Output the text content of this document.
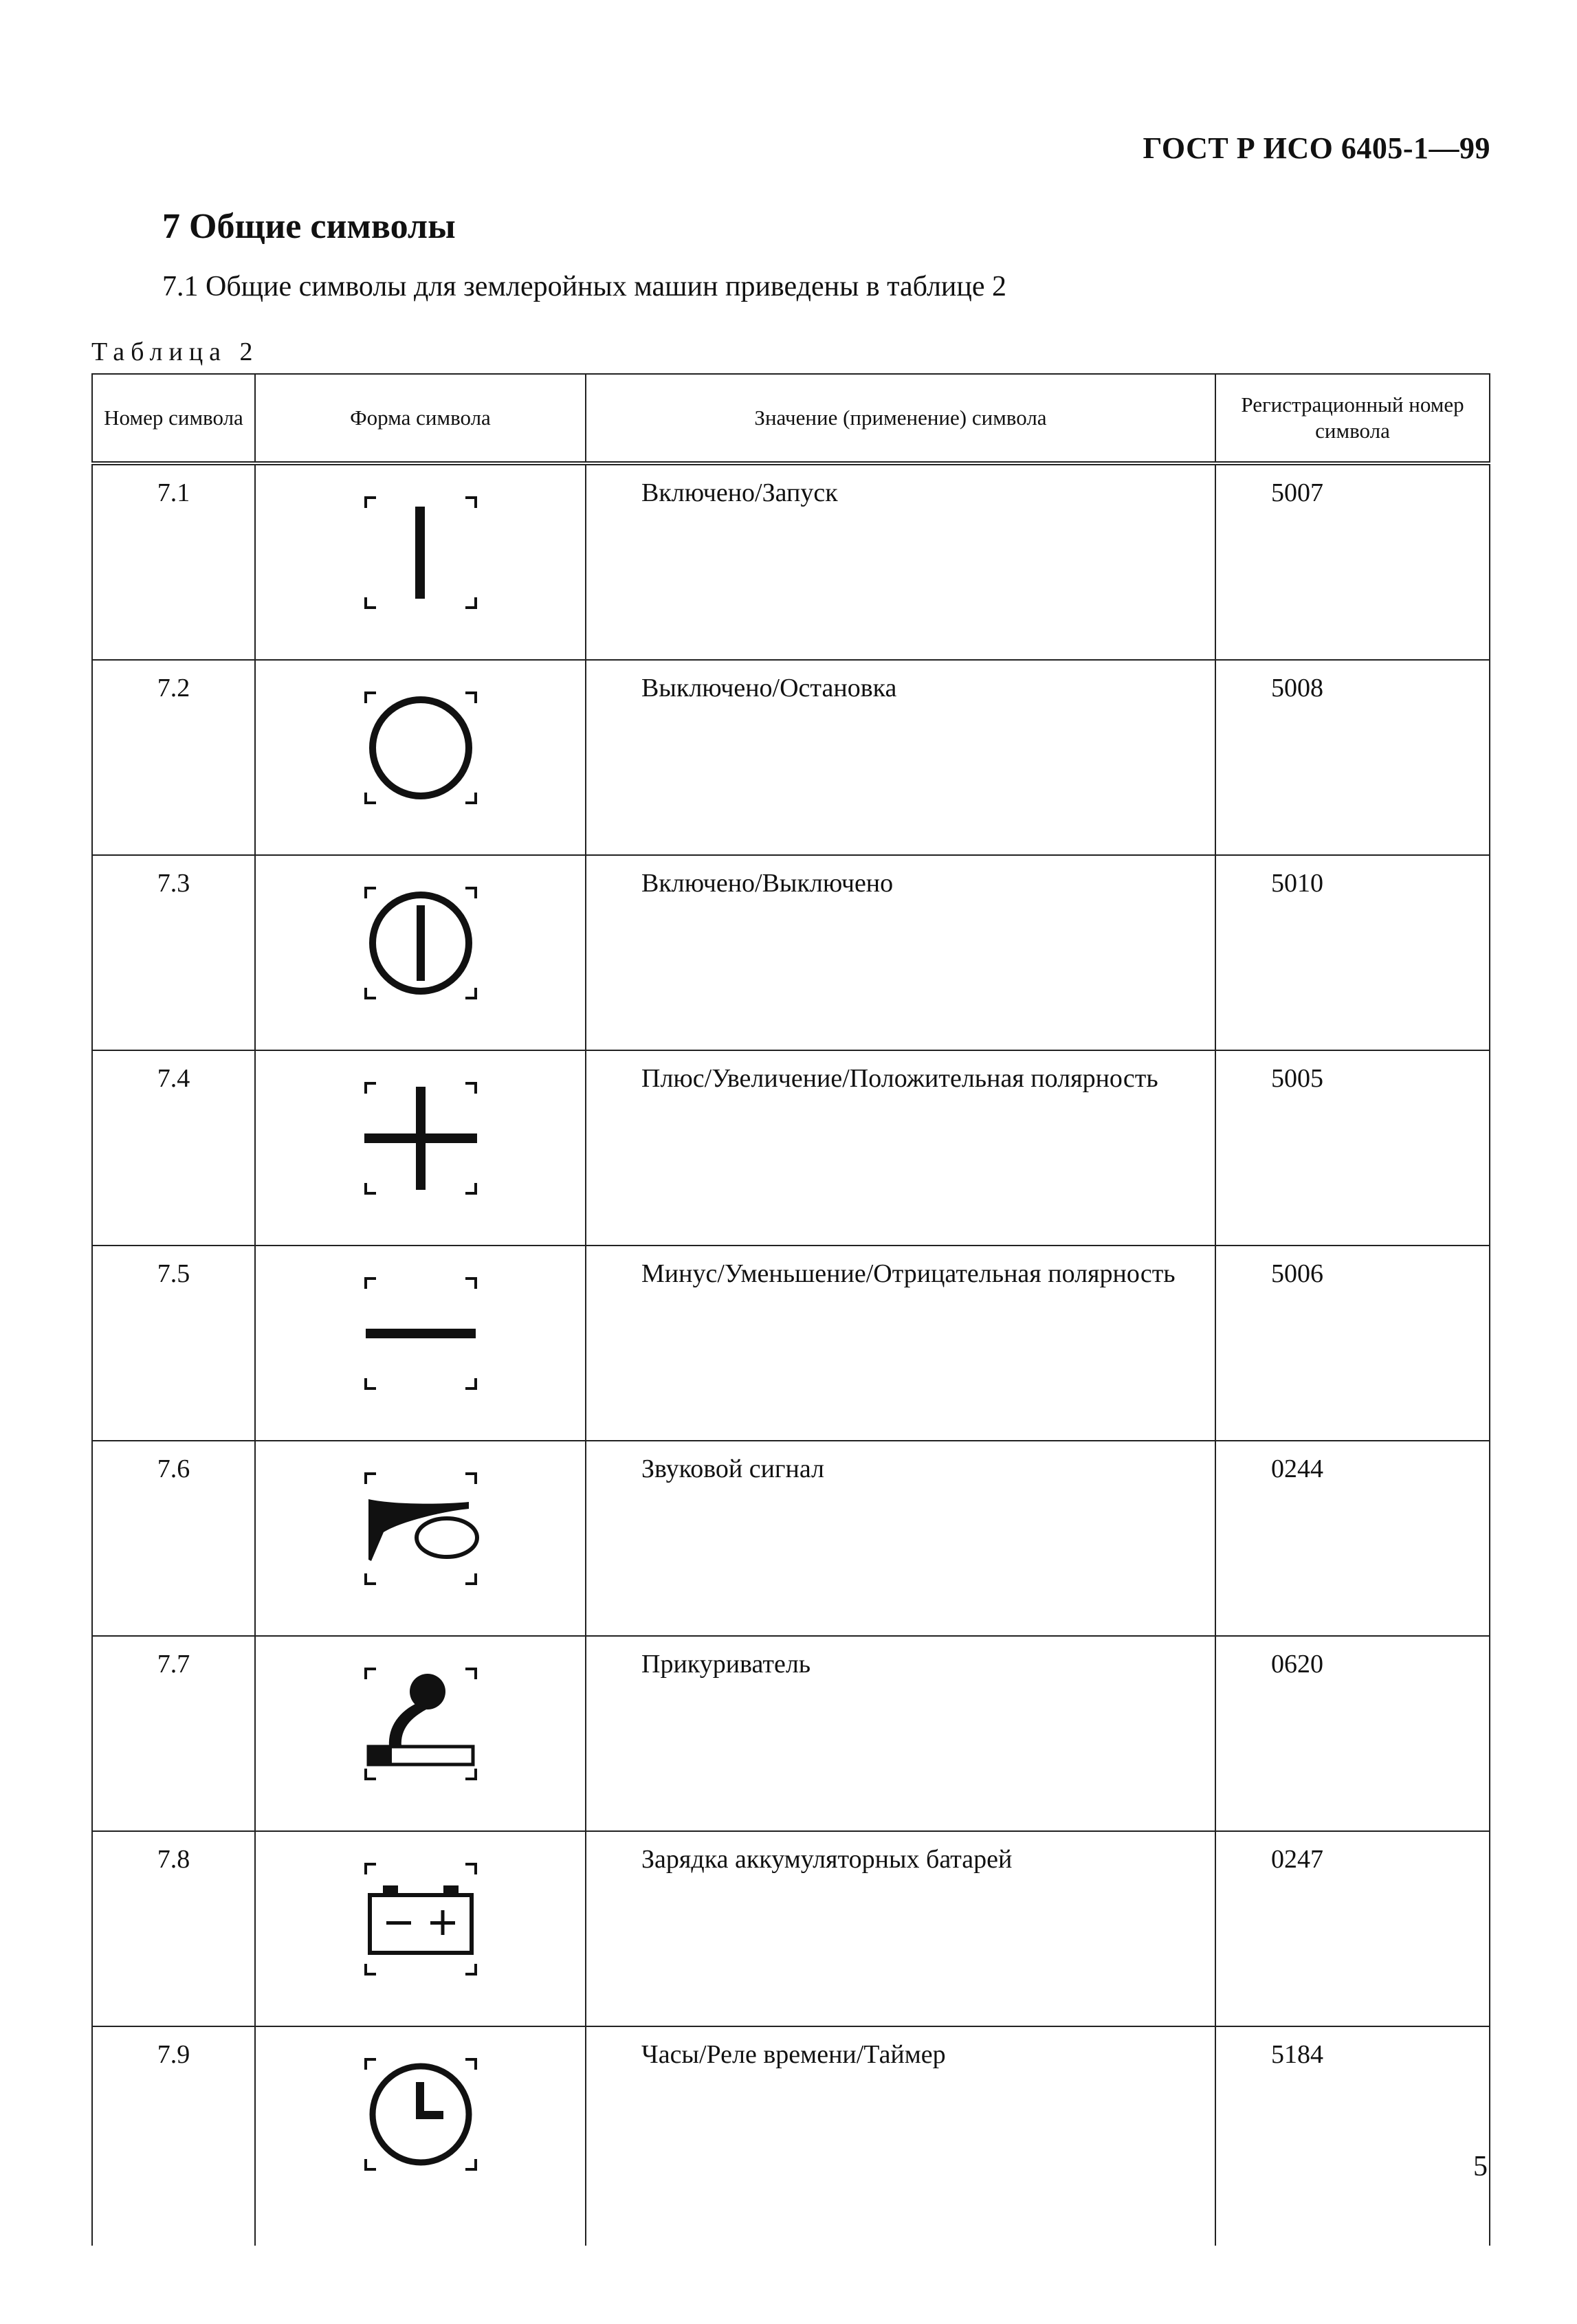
ГОСТ Р ИСО 6405-1—99
7 Общие символы
7.1 Общие символы для землеройных машин приведены в таблице 2
Таблица 2
Номер символа	Форма символа	Значение (применение) символа	Регистрационный номер символа
7.1		Включено/Запуск	5007
7.2		Выключено/Остановка	5008
7.3		Включено/Выключено	5010
7.4		Плюс/Увеличение/Положительная полярность	5005
7.5		Минус/Уменьшение/Отрицательная полярность	5006
7.6		Звуковой сигнал	0244
7.7		Прикуриватель	0620
7.8		Зарядка аккумуляторных батарей	0247
7.9		Часы/Реле времени/Таймер	5184
5
